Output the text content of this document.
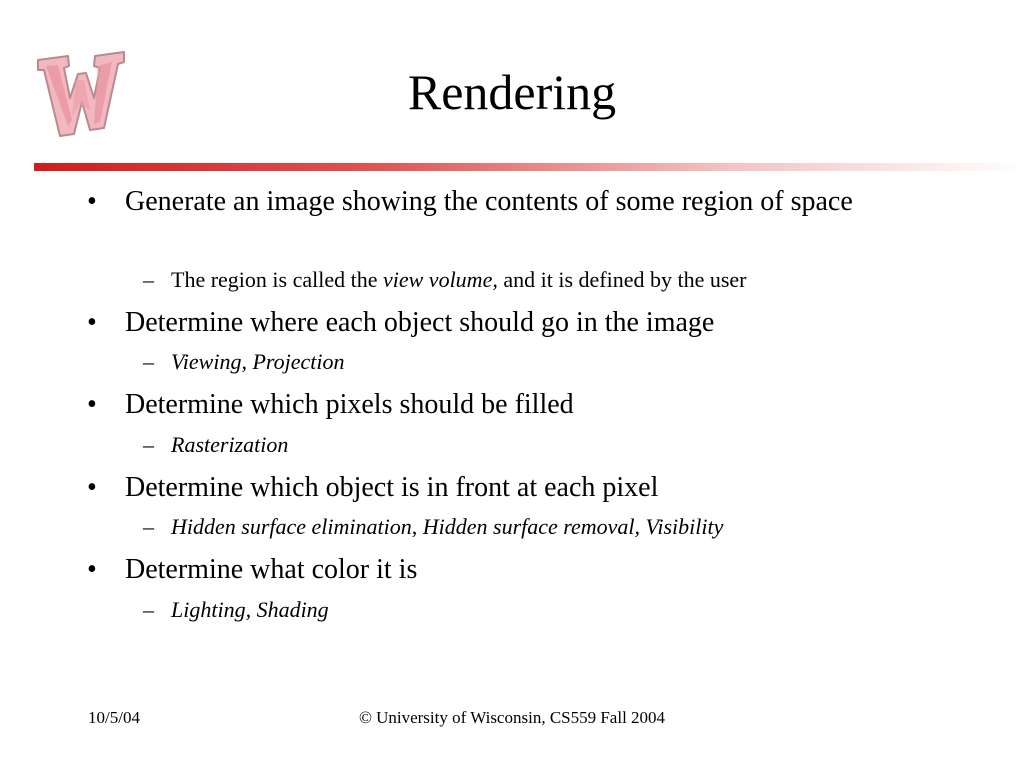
Rendering
• Generate an image showing the contents of some region of space
– The region is called the view volume, and it is defined by the user
• Determine where each object should go in the image
– Viewing, Projection
• Determine which pixels should be filled
– Rasterization
• Determine which object is in front at each pixel
– Hidden surface elimination, Hidden surface removal, Visibility
• Determine what color it is
– Lighting, Shading
10/5/04	© University of Wisconsin, CS559 Fall 2004
